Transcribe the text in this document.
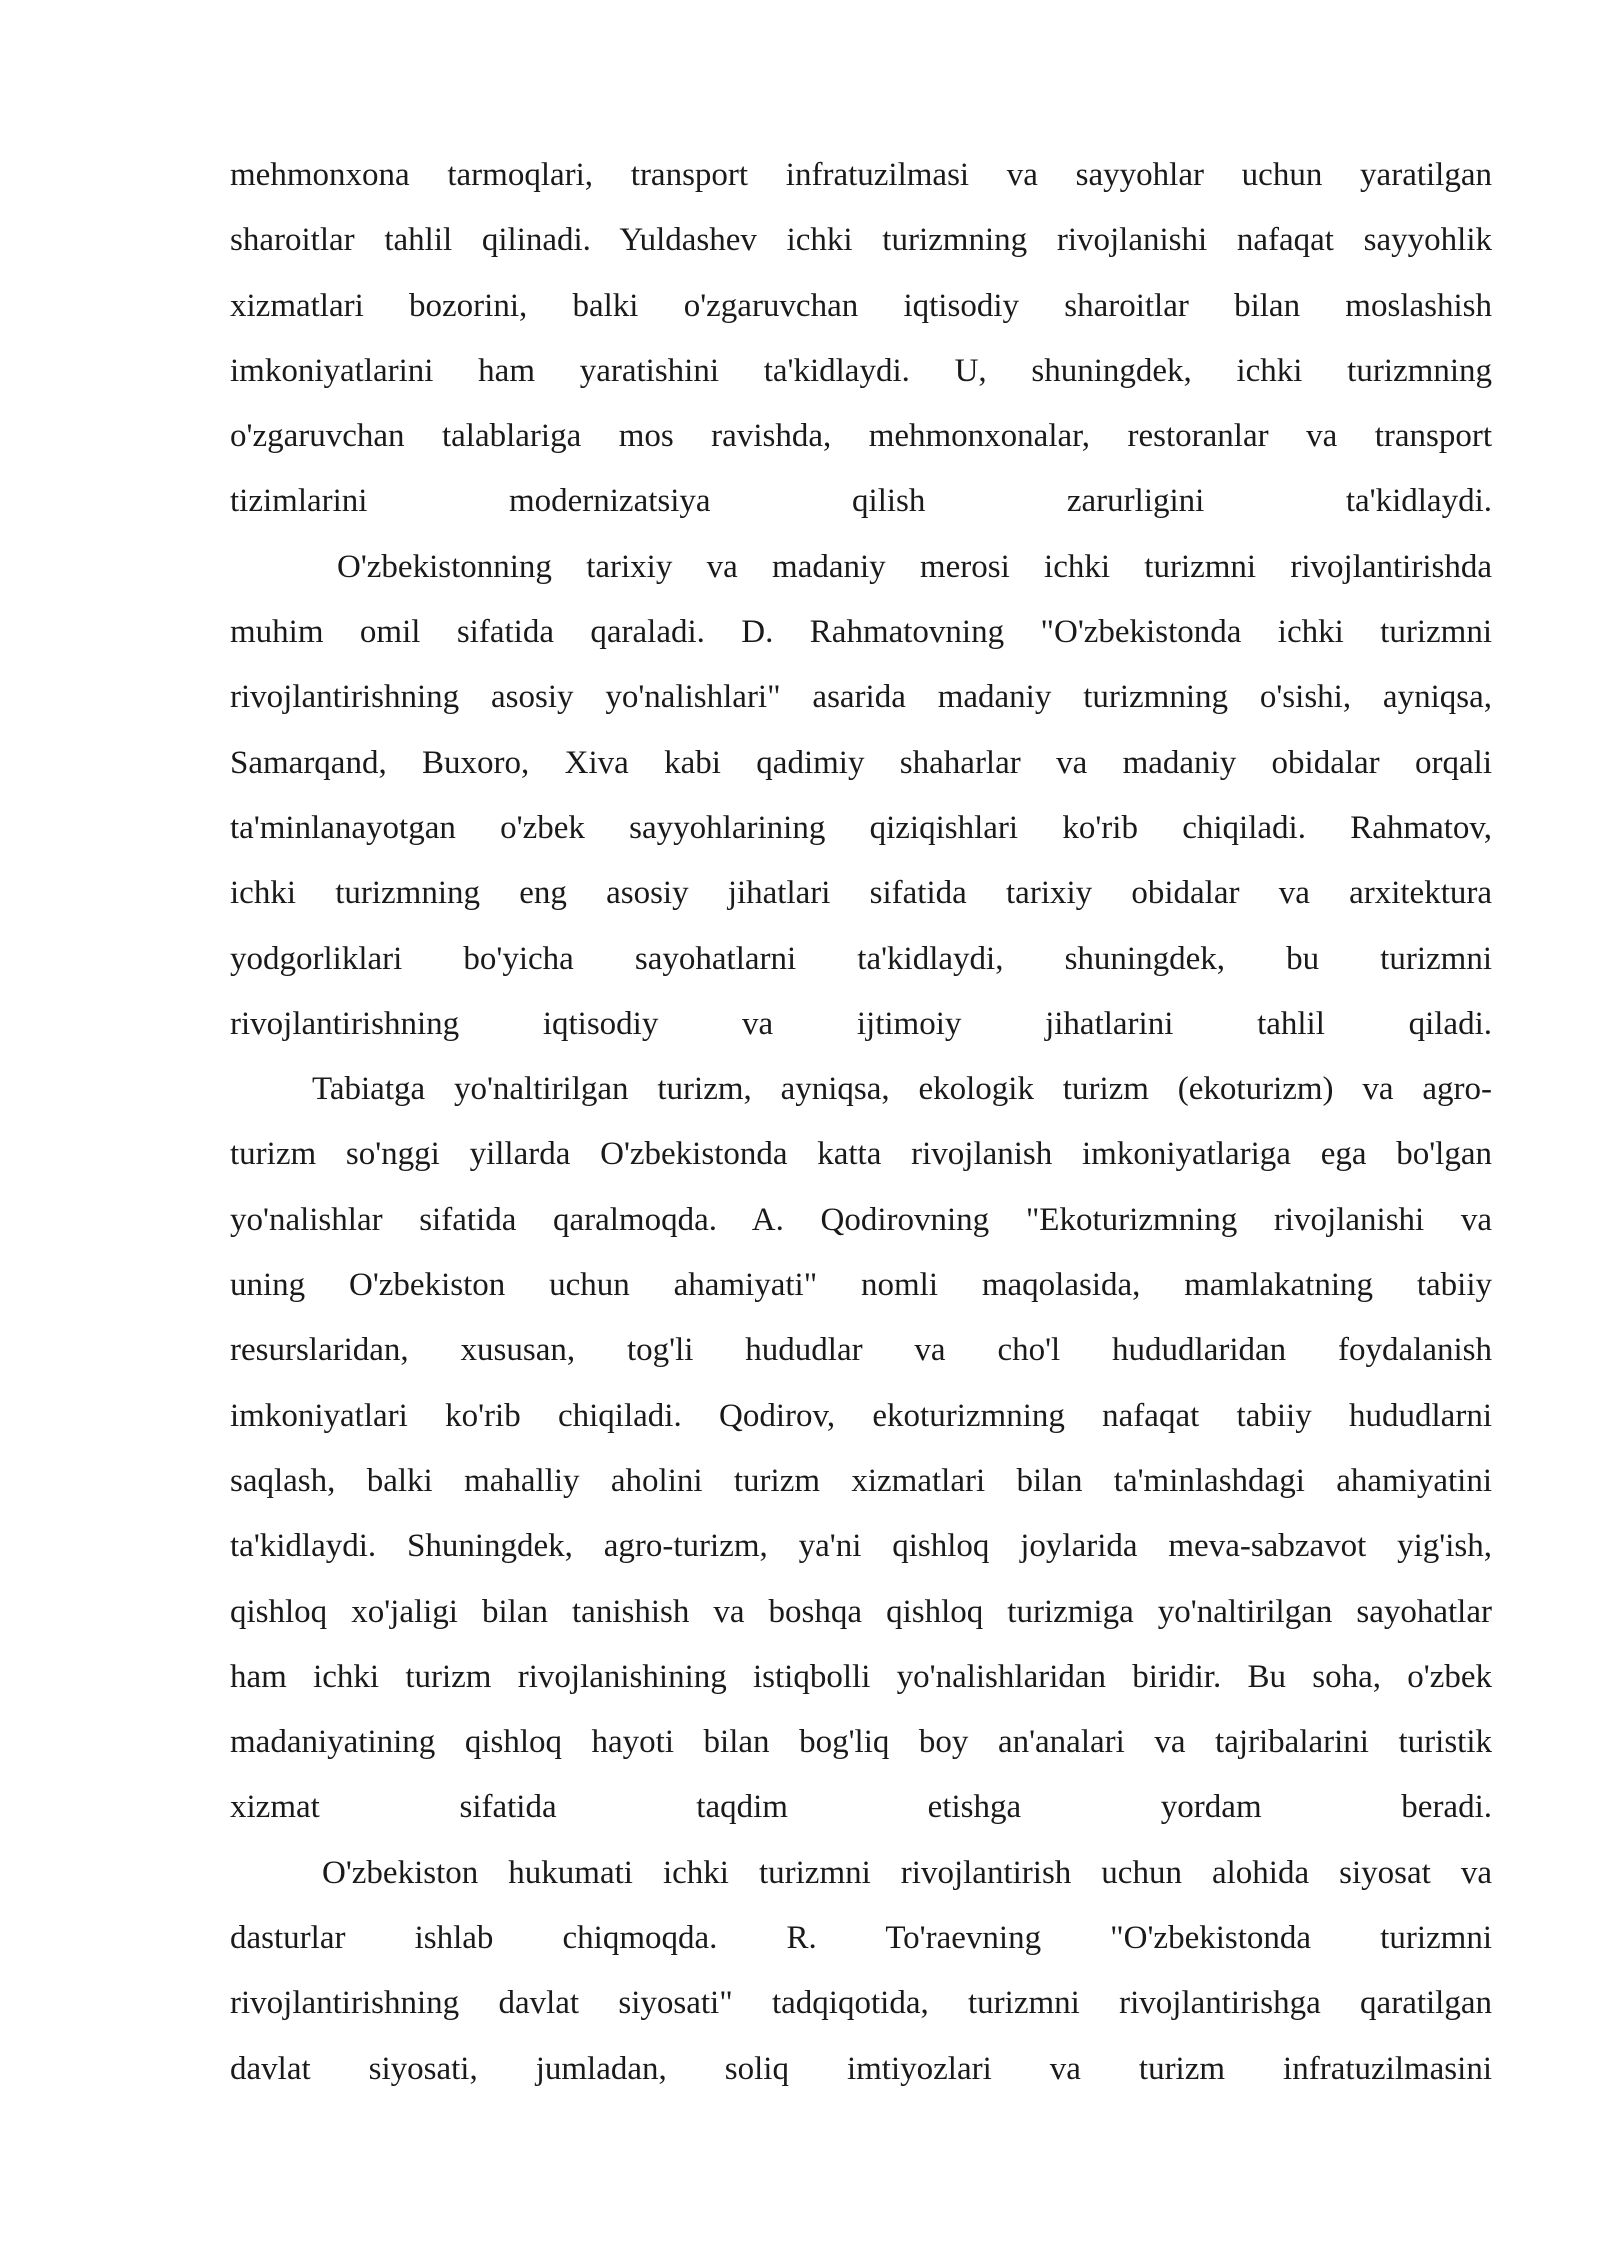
mehmonxona tarmoqlari, transport infratuzilmasi va sayyohlar uchun yaratilgan
sharoitlar tahlil qilinadi. Yuldashev ichki turizmning rivojlanishi nafaqat sayyohlik
xizmatlari bozorini, balki o'zgaruvchan iqtisodiy sharoitlar bilan moslashish
imkoniyatlarini ham yaratishini ta'kidlaydi. U, shuningdek, ichki turizmning
o'zgaruvchan talablariga mos ravishda, mehmonxonalar, restoranlar va transport
tizimlarini modernizatsiya qilish zarurligini ta'kidlaydi.
O'zbekistonning tarixiy va madaniy merosi ichki turizmni rivojlantirishda
muhim omil sifatida qaraladi. D. Rahmatovning "O'zbekistonda ichki turizmni
rivojlantirishning asosiy yo'nalishlari" asarida madaniy turizmning o'sishi, ayniqsa,
Samarqand, Buxoro, Xiva kabi qadimiy shaharlar va madaniy obidalar orqali
ta'minlanayotgan o'zbek sayyohlarining qiziqishlari ko'rib chiqiladi. Rahmatov,
ichki turizmning eng asosiy jihatlari sifatida tarixiy obidalar va arxitektura
yodgorliklari bo'yicha sayohatlarni ta'kidlaydi, shuningdek, bu turizmni
rivojlantirishning iqtisodiy va ijtimoiy jihatlarini tahlil qiladi.
Tabiatga yo'naltirilgan turizm, ayniqsa, ekologik turizm (ekoturizm) va agro-
turizm so'nggi yillarda O'zbekistonda katta rivojlanish imkoniyatlariga ega bo'lgan
yo'nalishlar sifatida qaralmoqda. A. Qodirovning "Ekoturizmning rivojlanishi va
uning O'zbekiston uchun ahamiyati" nomli maqolasida, mamlakatning tabiiy
resurslaridan, xususan, tog'li hududlar va cho'l hududlaridan foydalanish
imkoniyatlari ko'rib chiqiladi. Qodirov, ekoturizmning nafaqat tabiiy hududlarni
saqlash, balki mahalliy aholini turizm xizmatlari bilan ta'minlashdagi ahamiyatini
ta'kidlaydi. Shuningdek, agro-turizm, ya'ni qishloq joylarida meva-sabzavot yig'ish,
qishloq xo'jaligi bilan tanishish va boshqa qishloq turizmiga yo'naltirilgan sayohatlar
ham ichki turizm rivojlanishining istiqbolli yo'nalishlaridan biridir. Bu soha, o'zbek
madaniyatining qishloq hayoti bilan bog'liq boy an'analari va tajribalarini turistik
xizmat sifatida taqdim etishga yordam beradi.
O'zbekiston hukumati ichki turizmni rivojlantirish uchun alohida siyosat va
dasturlar ishlab chiqmoqda. R. To'raevning "O'zbekistonda turizmni
rivojlantirishning davlat siyosati" tadqiqotida, turizmni rivojlantirishga qaratilgan
davlat siyosati, jumladan, soliq imtiyozlari va turizm infratuzilmasini
